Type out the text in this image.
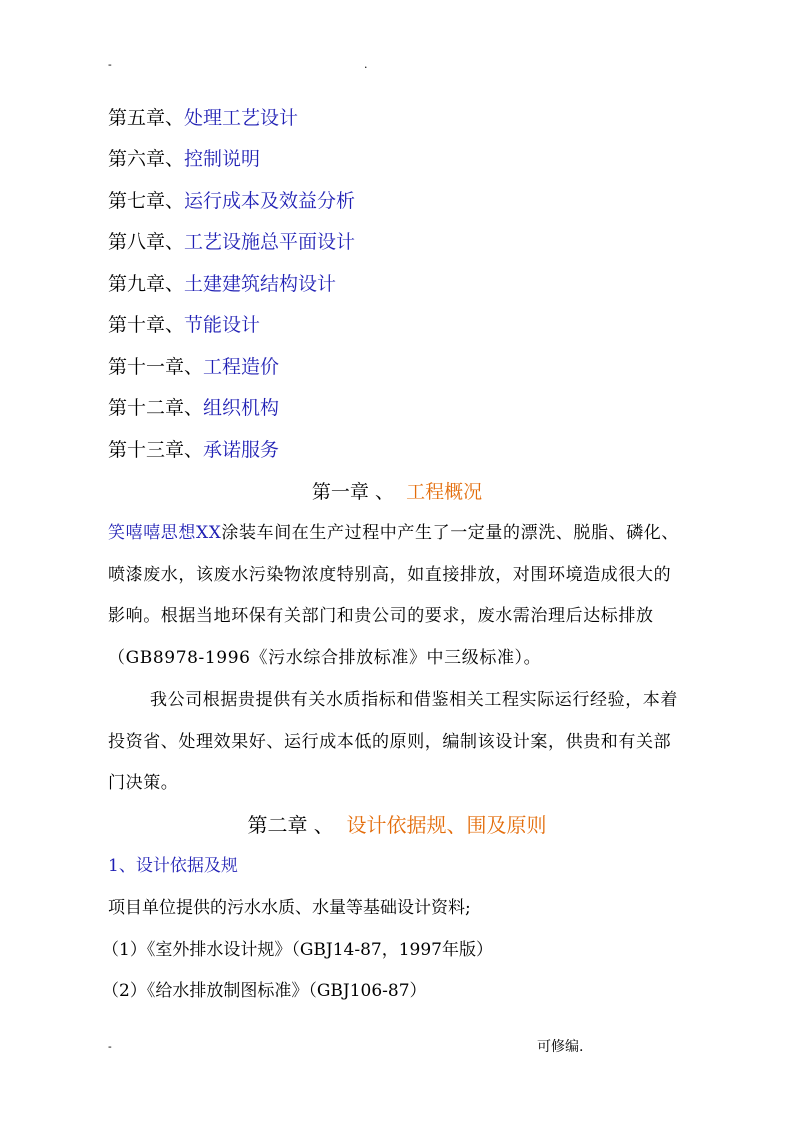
-	.
第五章、处理工艺设计
第六章、控制说明
第七章、运行成本及效益分析
第八章、工艺设施总平面设计
第九章、土建建筑结构设计
第十章、节能设计
第十一章、工程造价
第十二章、组织机构
第十三章、承诺服务
第一章 、 工程概况
笑嘻嘻思想XX涂装车间在生产过程中产生了一定量的漂洗、脱脂、磷化、喷漆废水，该废水污染物浓度特别高，如直接排放，对围环境造成很大的影响。根据当地环保有关部门和贵公司的要求，废水需治理后达标排放（GB8978-1996《污水综合排放标准》中三级标准）。
我公司根据贵提供有关水质指标和借鉴相关工程实际运行经验，本着投资省、处理效果好、运行成本低的原则，编制该设计案，供贵和有关部门决策。
第二章 、 设计依据规、围及原则
1、设计依据及规
项目单位提供的污水水质、水量等基础设计资料;
（1）《室外排水设计规》（GBJ14-87，1997年版）
（2）《给水排放制图标准》（GBJ106-87）
-	可修编.
